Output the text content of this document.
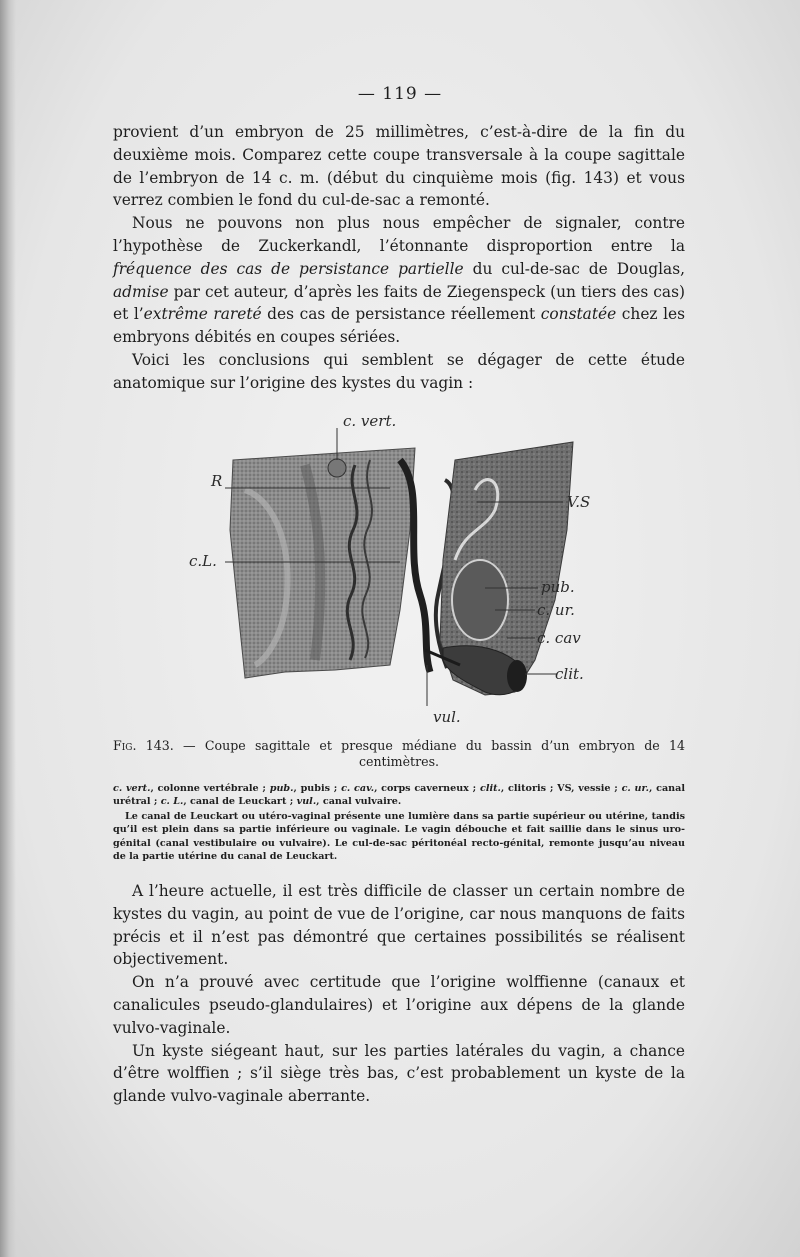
— 119 —

provient d’un embryon de 25 millimètres, c’est-à-dire de la fin du deuxième mois. Comparez cette coupe transversale à la coupe sagittale de l’embryon de 14 c. m. (début du cinquième mois (fig. 143) et vous verrez combien le fond du cul-de-sac a remonté.

Nous ne pouvons non plus nous empêcher de signaler, contre l’hypothèse de Zuckerkandl, l’étonnante disproportion entre la fréquence des cas de persistance partielle du cul-de-sac de Douglas, admise par cet auteur, d’après les faits de Ziegenspeck (un tiers des cas) et l’extrême rareté des cas de persistance réellement constatée chez les embryons débités en coupes sériées.

Voici les conclusions qui semblent se dégager de cette étude anatomique sur l’origine des kystes du vagin :

c. vert.
R
V.S
c.L.
pub.
c. ur.
c. cav
clit.
vul.
Fig. 143. — Coupe sagittale et presque médiane du bassin d’un embryon de 14 centimètres.

c. vert., colonne vertébrale ; pub., pubis ; c. cav., corps caverneux ; clit., clitoris ; VS, vessie ; c. ur., canal urétral ; c. L., canal de Leuckart ; vul., canal vulvaire.

Le canal de Leuckart ou utéro-vaginal présente une lumière dans sa partie supérieur ou utérine, tandis qu’il est plein dans sa partie inférieure ou vaginale. Le vagin débouche et fait saillie dans le sinus uro-génital (canal vestibulaire ou vulvaire). Le cul-de-sac péritonéal recto-génital, remonte jusqu’au niveau de la partie utérine du canal de Leuckart.

A l’heure actuelle, il est très difficile de classer un certain nombre de kystes du vagin, au point de vue de l’origine, car nous manquons de faits précis et il n’est pas démontré que certaines possibilités se réalisent objectivement.

On n’a prouvé avec certitude que l’origine wolffienne (canaux et canalicules pseudo-glandulaires) et l’origine aux dépens de la glande vulvo-vaginale.

Un kyste siégeant haut, sur les parties latérales du vagin, a chance d’être wolffien ; s’il siège très bas, c’est probablement un kyste de la glande vulvo-vaginale aberrante.
